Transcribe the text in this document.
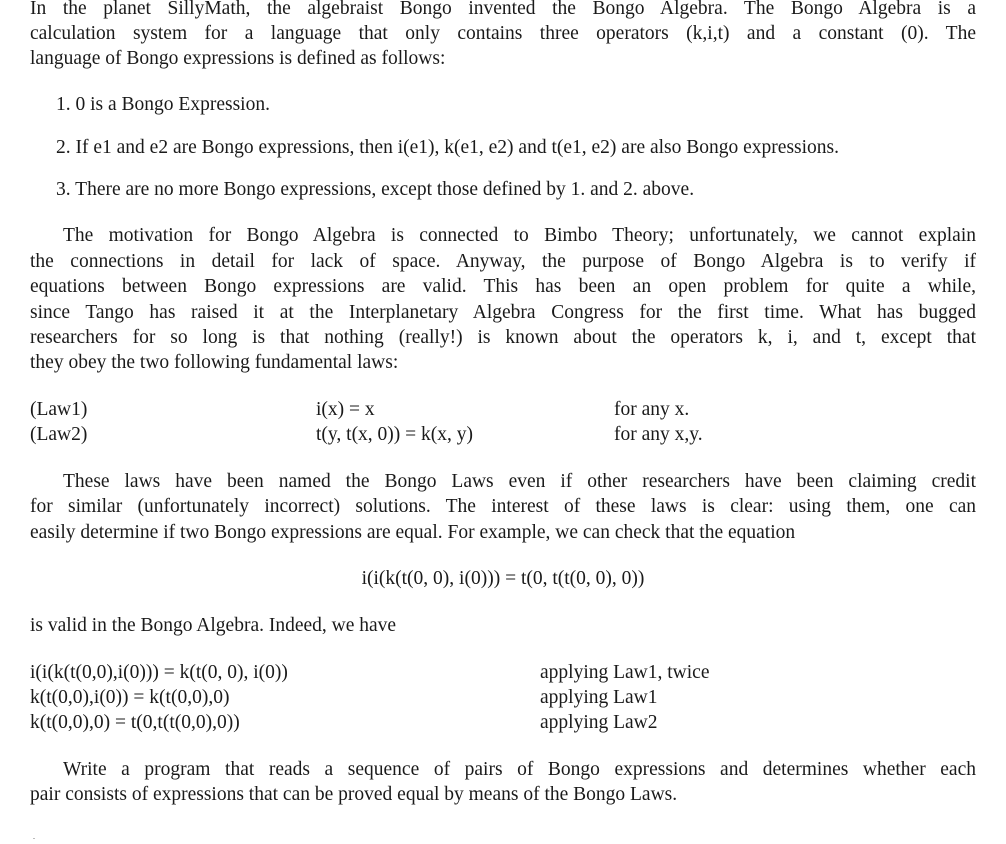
In the planet SillyMath, the algebraist Bongo invented the Bongo Algebra. The Bongo Algebra is a
calculation system for a language that only contains three operators (k,i,t) and a constant (0). The
language of Bongo expressions is defined as follows:
1. 0 is a Bongo Expression.
2. If e1 and e2 are Bongo expressions, then i(e1), k(e1, e2) and t(e1, e2) are also Bongo expressions.
3. There are no more Bongo expressions, except those defined by 1. and 2. above.
The motivation for Bongo Algebra is connected to Bimbo Theory; unfortunately, we cannot explain
the connections in detail for lack of space. Anyway, the purpose of Bongo Algebra is to verify if
equations between Bongo expressions are valid. This has been an open problem for quite a while,
since Tango has raised it at the Interplanetary Algebra Congress for the first time. What has bugged
researchers for so long is that nothing (really!) is known about the operators k, i, and t, except that
they obey the two following fundamental laws:
(Law1)	i(x) = x	for any x.
(Law2)	t(y, t(x, 0)) = k(x, y)	for any x,y.
These laws have been named the Bongo Laws even if other researchers have been claiming credit
for similar (unfortunately incorrect) solutions. The interest of these laws is clear: using them, one can
easily determine if two Bongo expressions are equal. For example, we can check that the equation
i(i(k(t(0, 0), i(0))) = t(0, t(t(0, 0), 0))
is valid in the Bongo Algebra. Indeed, we have
i(i(k(t(0,0),i(0))) = k(t(0, 0), i(0))	applying Law1, twice
k(t(0,0),i(0)) = k(t(0,0),0)	applying Law1
k(t(0,0),0) = t(0,t(t(0,0),0))	applying Law2
Write a program that reads a sequence of pairs of Bongo expressions and determines whether each
pair consists of expressions that can be proved equal by means of the Bongo Laws.
